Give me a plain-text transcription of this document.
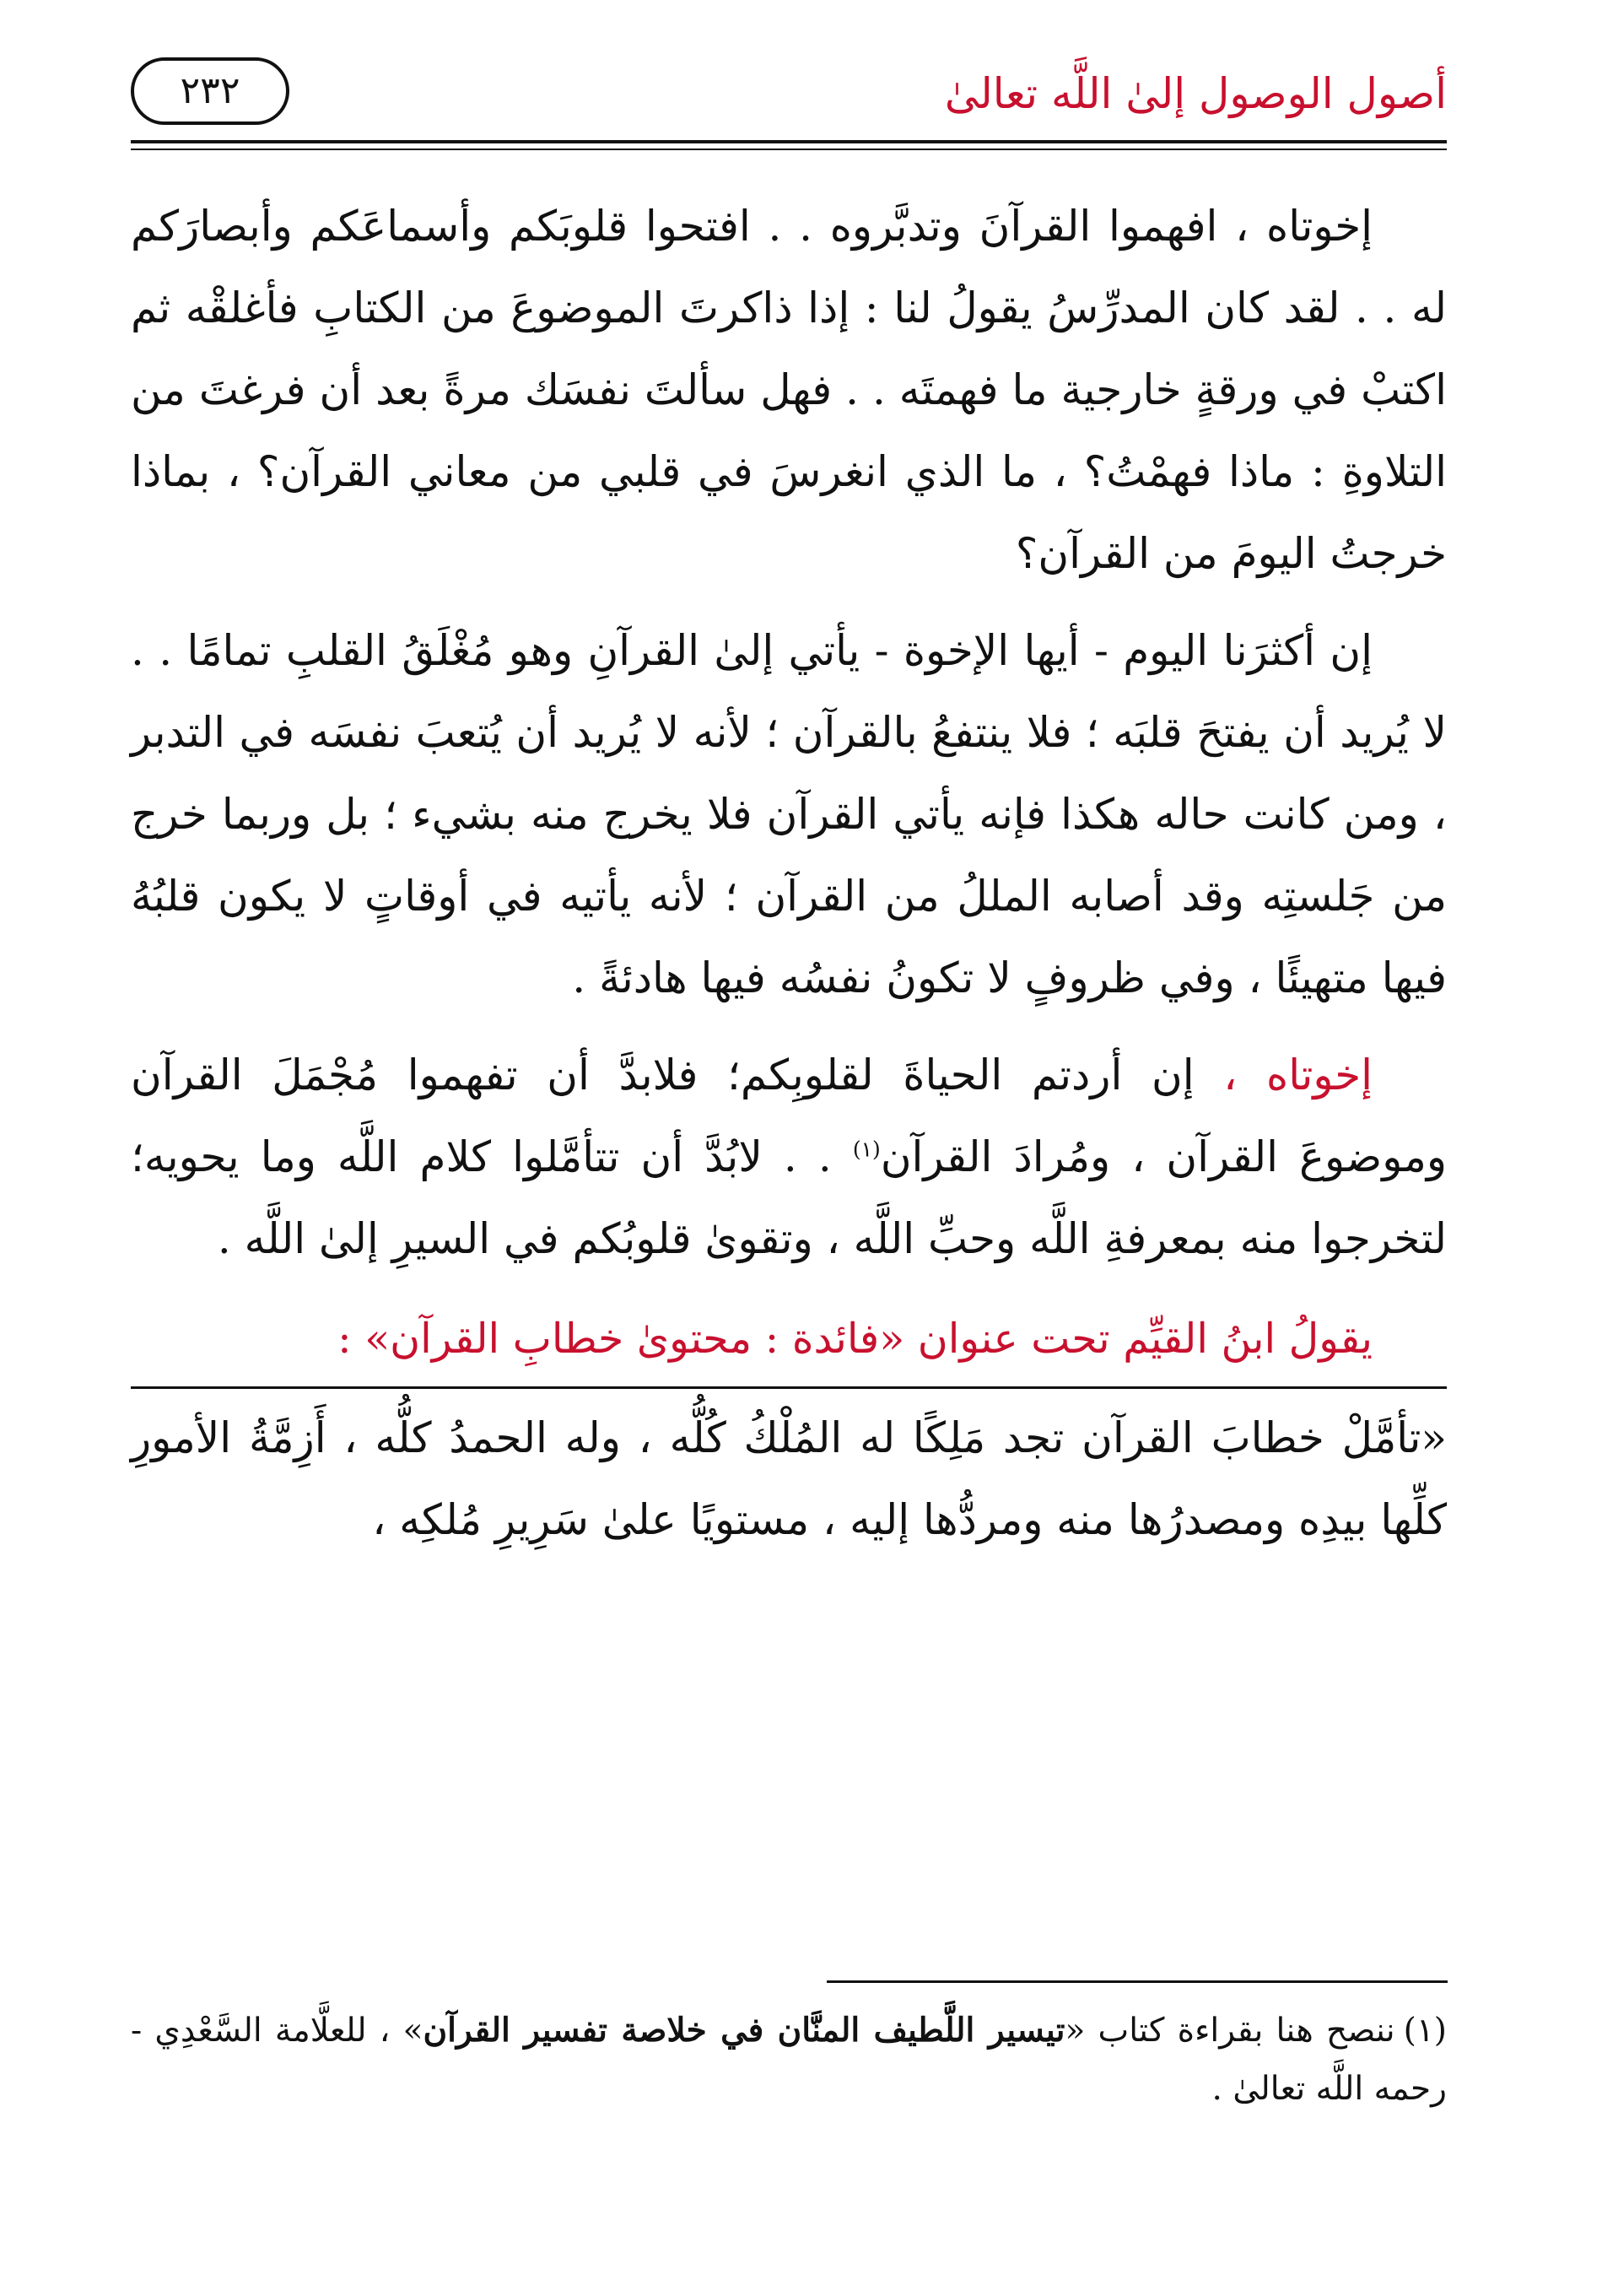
٢٣٢	أصول الوصول إلىٰ اللَّه تعالىٰ

إخوتاه ، افهموا القرآنَ وتدبَّروه . . افتحوا قلوبَكم وأسماعَكم وأبصارَكم له . . لقد كان المدرِّسُ يقولُ لنا : إذا ذاكرتَ الموضوعَ من الكتابِ فأغلقْه ثم اكتبْ في ورقةٍ خارجية ما فهمتَه . . فهل سألتَ نفسَك مرةً بعد أن فرغتَ من التلاوةِ : ماذا فهمْتُ؟ ، ما الذي انغرسَ في قلبي من معاني القرآن؟ ، بماذا خرجتُ اليومَ من القرآن؟

إن أكثرَنا اليوم - أيها الإخوة - يأتي إلىٰ القرآنِ وهو مُغْلَقُ القلبِ تمامًا . . لا يُريد أن يفتحَ قلبَه ؛ فلا ينتفعُ بالقرآن ؛ لأنه لا يُريد أن يُتعبَ نفسَه في التدبر ، ومن كانت حاله هكذا فإنه يأتي القرآن فلا يخرج منه بشيء ؛ بل وربما خرج من جَلستِه وقد أصابه المللُ من القرآن ؛ لأنه يأتيه في أوقاتٍ لا يكون قلبُهُ فيها متهيئًا ، وفي ظروفٍ لا تكونُ نفسُه فيها هادئةً .

إخوتاه ، إن أردتم الحياةَ لقلوبِكم؛ فلابدَّ أن تفهموا مُجْمَلَ القرآن وموضوعَ القرآن ، ومُرادَ القرآن$^{(١)}$ . . لابُدَّ أن تتأمَّلوا كلام اللَّه وما يحويه؛ لتخرجوا منه بمعرفةِ اللَّه وحبِّ اللَّه ، وتقوىٰ قلوبُكم في السيرِ إلىٰ اللَّه .

يقولُ ابنُ القيِّم تحت عنوان «فائدة : محتوىٰ خطابِ القرآن» :

«تأمَّلْ خطابَ القرآن تجد مَلِكًا له المُلْكُ كُلُّه ، وله الحمدُ كلُّه ، أَزِمَّةُ الأمورِ كلِّها بيدِه ومصدرُها منه ومردُّها إليه ، مستويًا علىٰ سَرِيرِ مُلكِه ،

(١)ننصح هنا بقراءة كتاب «تيسير اللَّطيف المنَّان في خلاصة تفسير القرآن» ، للعلَّامة السَّعْدِي - رحمه اللَّه تعالىٰ .
